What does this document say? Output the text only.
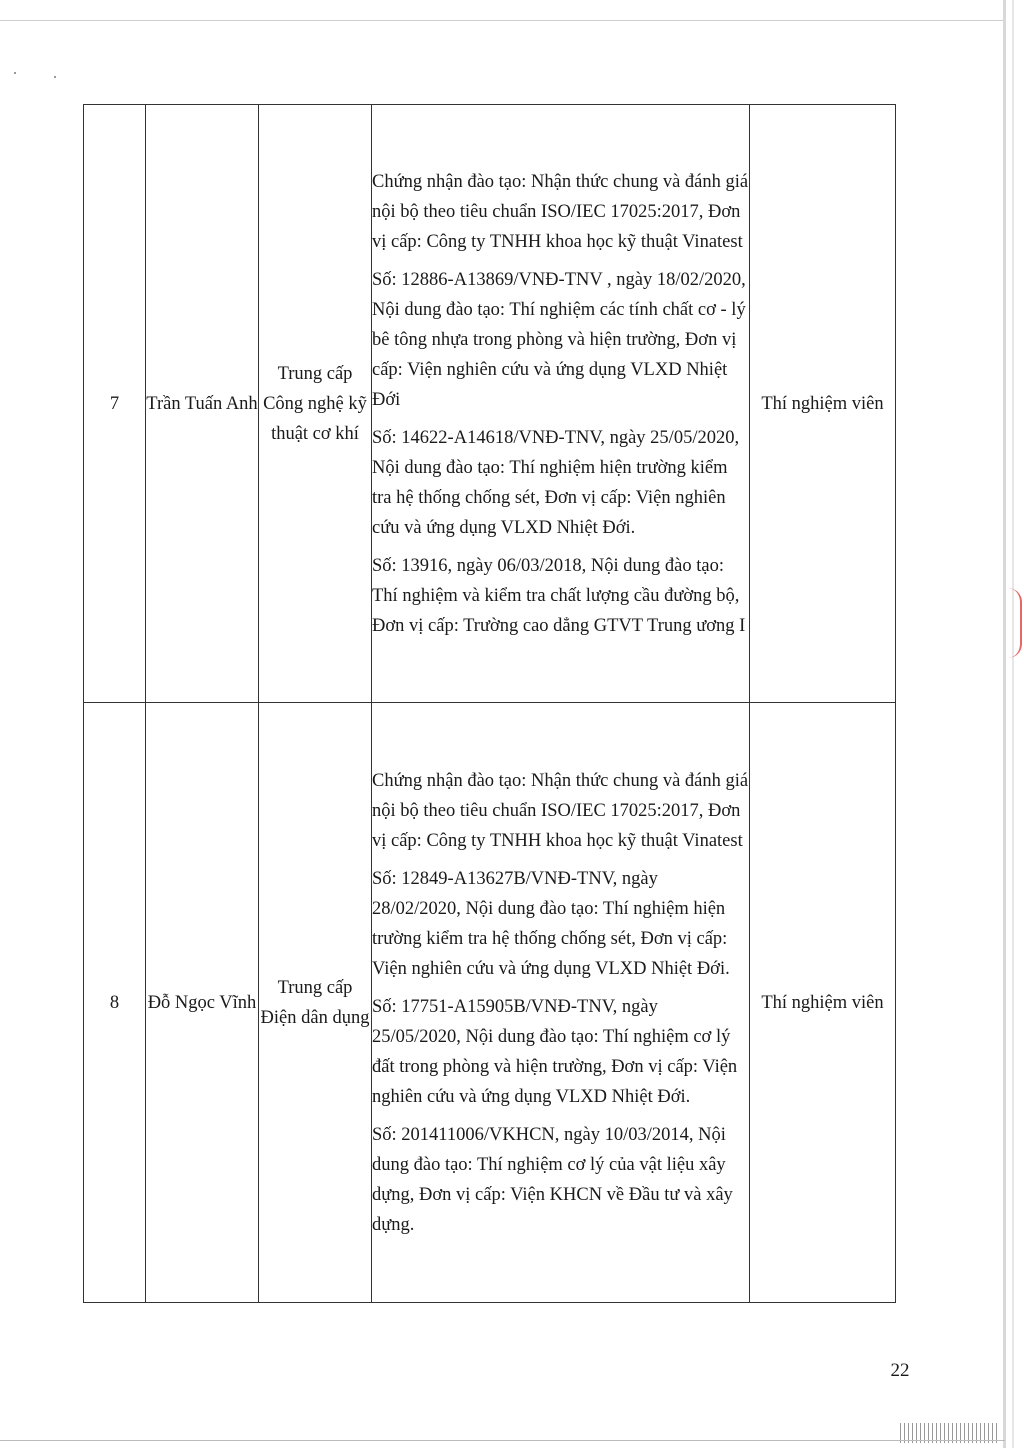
7	Trần Tuấn Anh	Trung cấp Công nghệ kỹ thuật cơ khí	Chứng nhận đào tạo: Nhận thức chung và đánh giá nội bộ theo tiêu chuẩn ISO/IEC 17025:2017, Đơn vị cấp: Công ty TNHH khoa học kỹ thuật Vinatest

Số: 12886-A13869/VNĐ-TNV , ngày 18/02/2020, Nội dung đào tạo: Thí nghiệm các tính chất cơ - lý bê tông nhựa trong phòng và hiện trường, Đơn vị cấp: Viện nghiên cứu và ứng dụng VLXD Nhiệt Đới

Số: 14622-A14618/VNĐ-TNV, ngày 25/05/2020, Nội dung đào tạo: Thí nghiệm hiện trường kiểm tra hệ thống chống sét, Đơn vị cấp: Viện nghiên cứu và ứng dụng VLXD Nhiệt Đới.

Số: 13916, ngày 06/03/2018, Nội dung đào tạo: Thí nghiệm và kiểm tra chất lượng cầu đường bộ, Đơn vị cấp: Trường cao dẳng GTVT Trung ương I	Thí nghiệm viên
8	Đỗ Ngọc Vĩnh	Trung cấp Điện dân dụng	Chứng nhận đào tạo: Nhận thức chung và đánh giá nội bộ theo tiêu chuẩn ISO/IEC 17025:2017, Đơn vị cấp: Công ty TNHH khoa học kỹ thuật Vinatest

Số: 12849-A13627B/VNĐ-TNV, ngày 28/02/2020, Nội dung đào tạo: Thí nghiệm hiện trường kiểm tra hệ thống chống sét, Đơn vị cấp: Viện nghiên cứu và ứng dụng VLXD Nhiệt Đới.

Số: 17751-A15905B/VNĐ-TNV, ngày 25/05/2020, Nội dung đào tạo: Thí nghiệm cơ lý đất trong phòng và hiện trường, Đơn vị cấp: Viện nghiên cứu và ứng dụng VLXD Nhiệt Đới.

Số: 201411006/VKHCN, ngày 10/03/2014, Nội dung đào tạo: Thí nghiệm cơ lý của vật liệu xây dựng, Đơn vị cấp: Viện KHCN về Đầu tư và xây dựng.	Thí nghiệm viên
22
